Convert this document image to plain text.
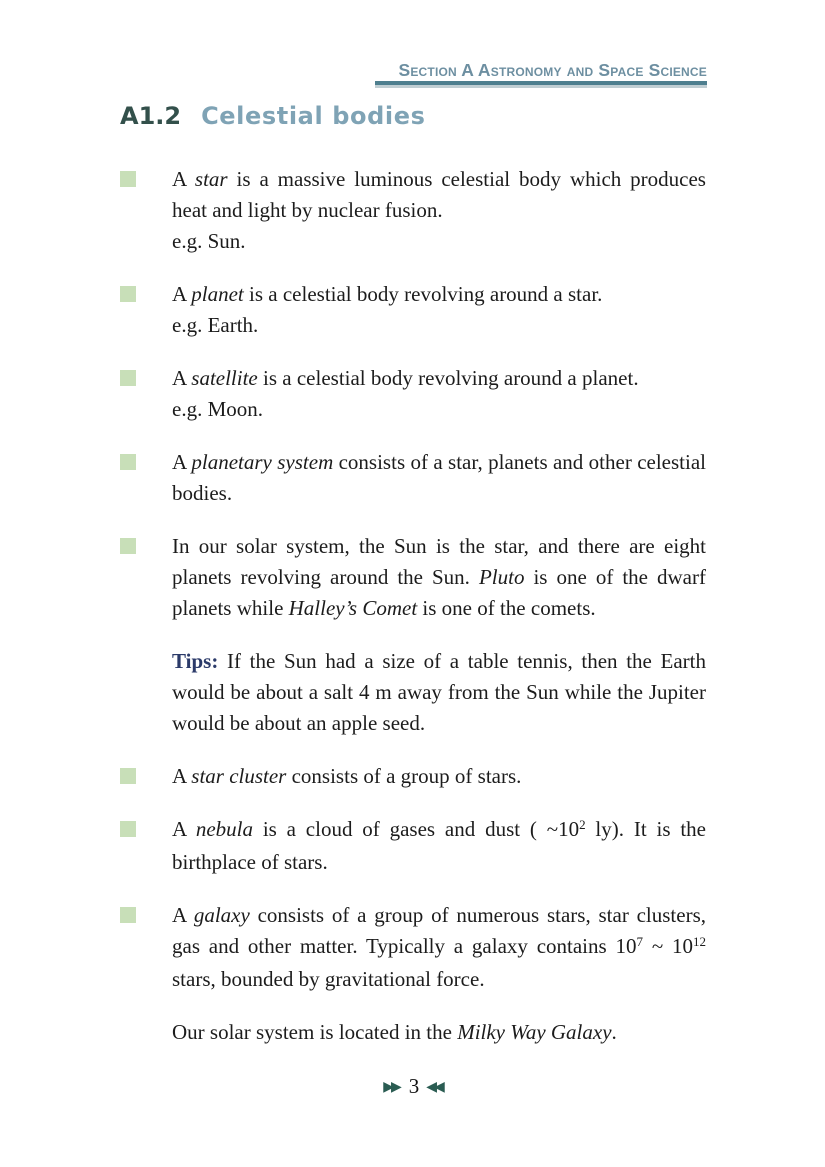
Section A Astronomy and Space Science
A1.2 Celestial bodies

A star is a massive luminous celestial body which produces heat and light by nuclear fusion.

e.g. Sun.

A planet is a celestial body revolving around a star.

e.g. Earth.

A satellite is a celestial body revolving around a planet.

e.g. Moon.

A planetary system consists of a star, planets and other celestial bodies.

In our solar system, the Sun is the star, and there are eight planets revolving around the Sun. Pluto is one of the dwarf planets while Halley’s Comet is one of the comets.

Tips: If the Sun had a size of a table tennis, then the Earth would be about a salt 4 m away from the Sun while the Jupiter would be about an apple seed.

A star cluster consists of a group of stars.

A nebula is a cloud of gases and dust ( $\sim 10^2$ ly). It is the birthplace of stars.

A galaxy consists of a group of numerous stars, star clusters, gas and other matter. Typically a galaxy contains $10^7$ ~ $10^{12}$ stars, bounded by gravitational force.

Our solar system is located in the Milky Way Galaxy.

▶▶ 3 ◀◀
